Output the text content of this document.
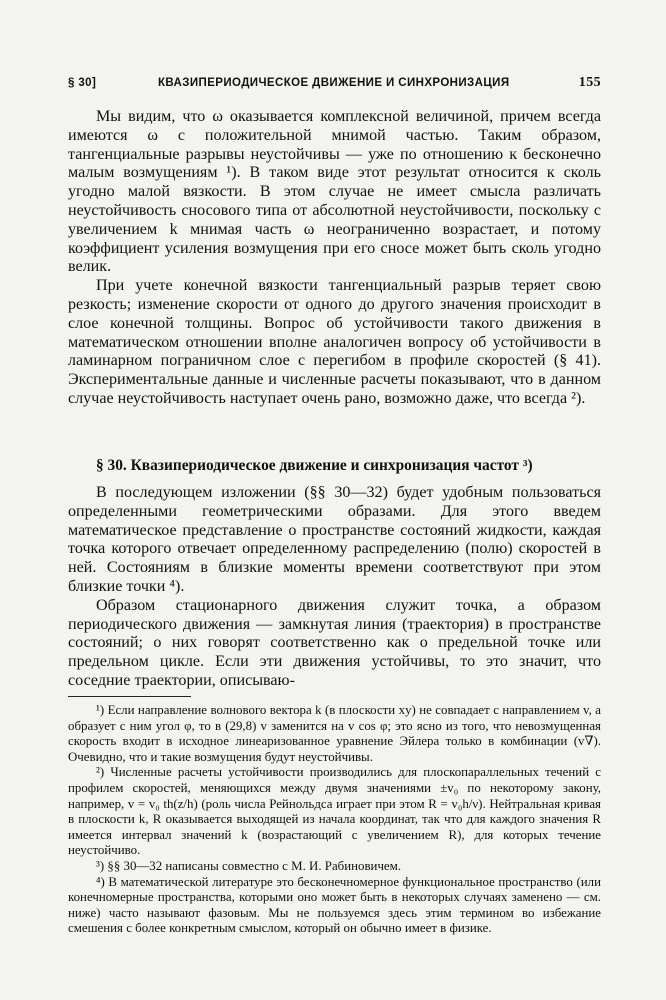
§ 30]	КВАЗИПЕРИОДИЧЕСКОЕ ДВИЖЕНИЕ И СИНХРОНИЗАЦИЯ	155

Мы видим, что ω оказывается комплексной величиной, причем всегда имеются ω с положительной мнимой частью. Таким образом, тангенциальные разрывы неустойчивы — уже по отношению к бесконечно малым возмущениям ¹). В таком виде этот результат относится к сколь угодно малой вязкости. В этом случае не имеет смысла различать неустойчивость сносового типа от абсолютной неустойчивости, поскольку с увеличением k мнимая часть ω неограниченно возрастает, и потому коэффициент усиления возмущения при его сносе может быть сколь угодно велик.

При учете конечной вязкости тангенциальный разрыв теряет свою резкость; изменение скорости от одного до другого значения происходит в слое конечной толщины. Вопрос об устойчивости такого движения в математическом отношении вполне аналогичен вопросу об устойчивости в ламинарном пограничном слое с перегибом в профиле скоростей (§ 41). Экспериментальные данные и численные расчеты показывают, что в данном случае неустойчивость наступает очень рано, возможно даже, что всегда ²).

§ 30. Квазипериодическое движение и синхронизация частот ³)

В последующем изложении (§§ 30—32) будет удобным пользоваться определенными геометрическими образами. Для этого введем математическое представление о пространстве состояний жидкости, каждая точка которого отвечает определенному распределению (полю) скоростей в ней. Состояниям в близкие моменты времени соответствуют при этом близкие точки ⁴).

Образом стационарного движения служит точка, а образом периодического движения — замкнутая линия (траектория) в пространстве состояний; о них говорят соответственно как о предельной точке или предельном цикле. Если эти движения устойчивы, то это значит, что соседние траектории, описываю-

¹) Если направление волнового вектора k (в плоскости xy) не совпадает с направлением v, а образует с ним угол φ, то в (29,8) v заменится на v cos φ; это ясно из того, что невозмущенная скорость входит в исходное линеаризованное уравнение Эйлера только в комбинации (v∇). Очевидно, что и такие возмущения будут неустойчивы.

²) Численные расчеты устойчивости производились для плоскопараллельных течений с профилем скоростей, меняющихся между двумя значениями ±v₀ по некоторому закону, например, v = v₀ th(z/h) (роль числа Рейнольдса играет при этом R = v₀h/ν). Нейтральная кривая в плоскости k, R оказывается выходящей из начала координат, так что для каждого значения R имеется интервал значений k (возрастающий с увеличением R), для которых течение неустойчиво.

³) §§ 30—32 написаны совместно с М. И. Рабиновичем.

⁴) В математической литературе это бесконечномерное функциональное пространство (или конечномерные пространства, которыми оно может быть в некоторых случаях заменено — см. ниже) часто называют фазовым. Мы не пользуемся здесь этим термином во избежание смешения с более конкретным смыслом, который он обычно имеет в физике.
